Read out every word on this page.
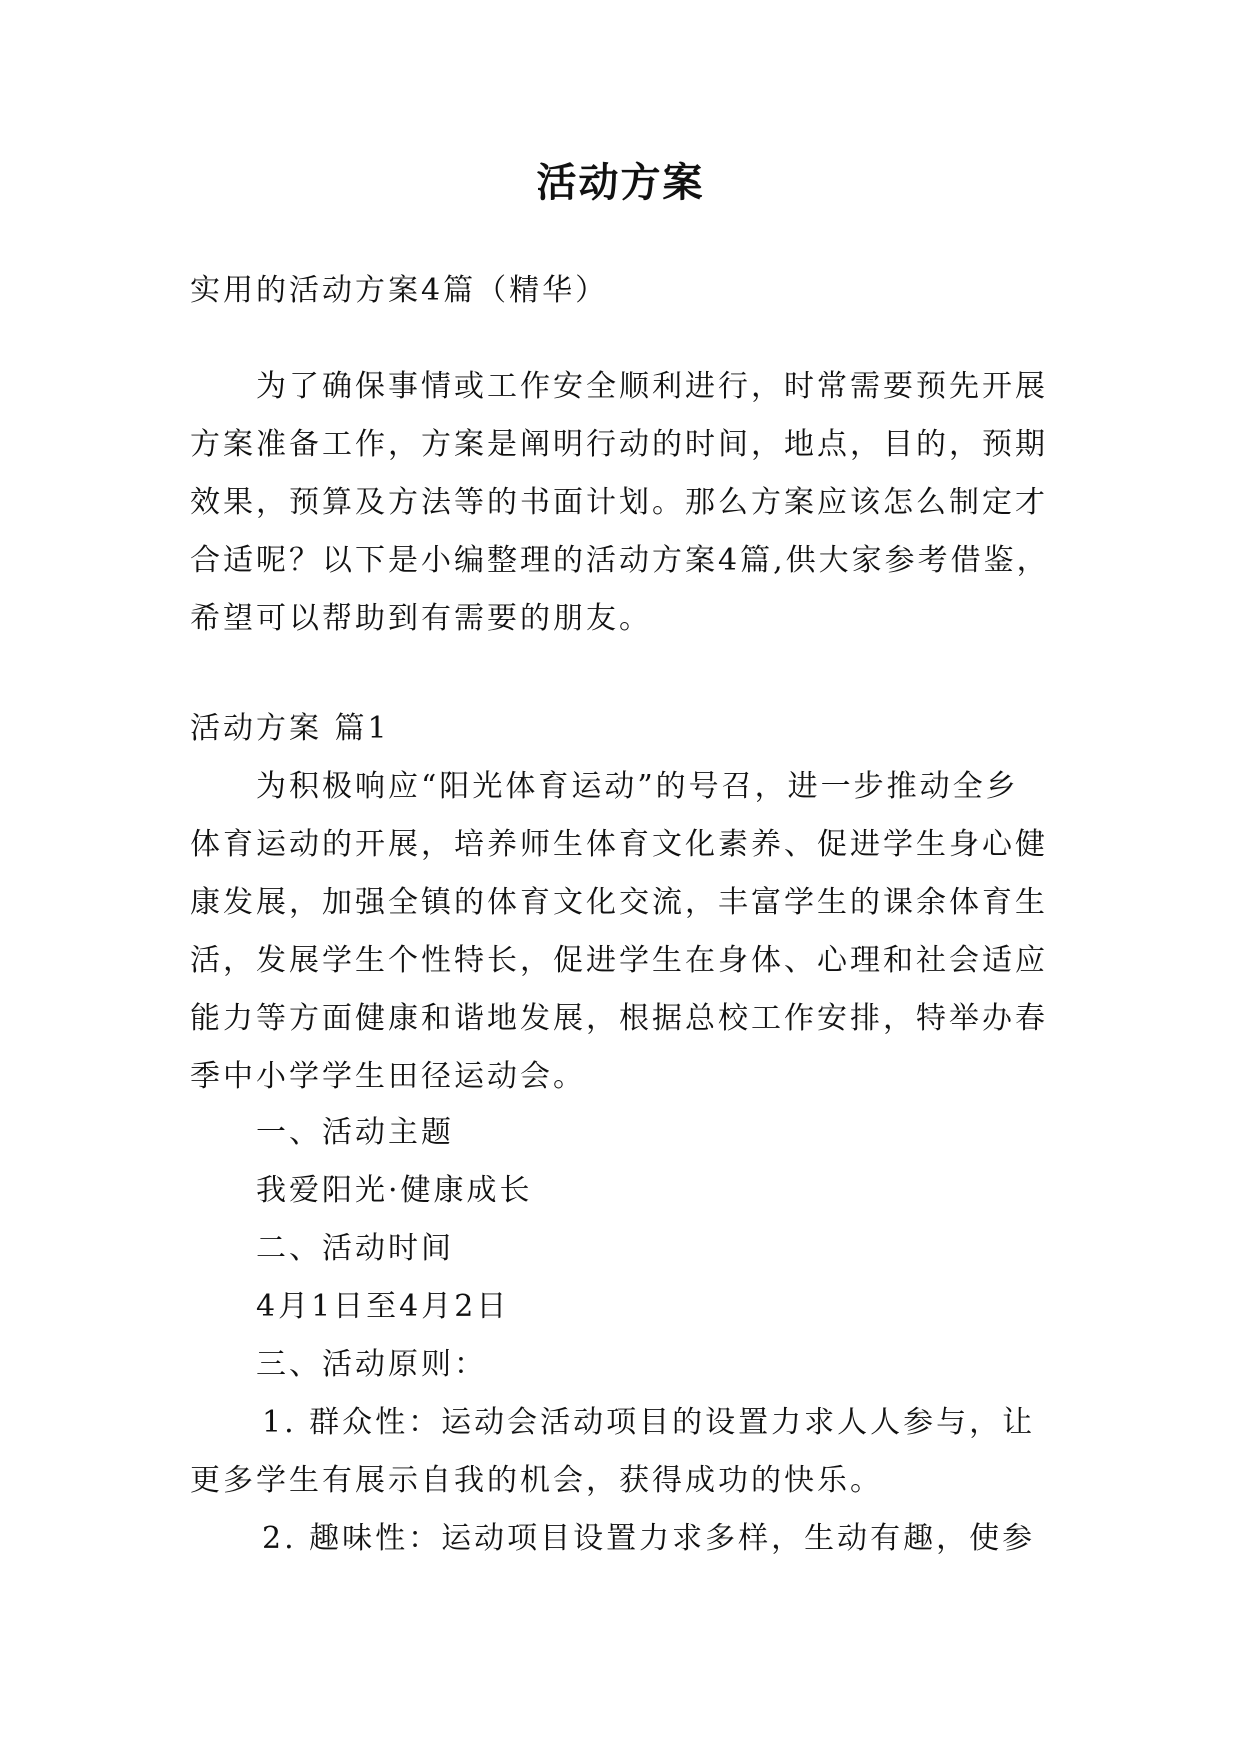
活动方案
实用的活动方案4篇（精华）
为了确保事情或工作安全顺利进行，时常需要预先开展
方案准备工作，方案是阐明行动的时间，地点，目的，预期
效果，预算及方法等的书面计划。那么方案应该怎么制定才
合适呢？以下是小编整理的活动方案4篇,供大家参考借鉴，
希望可以帮助到有需要的朋友。
活动方案 篇1
为积极响应“阳光体育运动”的号召，进一步推动全乡
体育运动的开展，培养师生体育文化素养、促进学生身心健
康发展，加强全镇的体育文化交流，丰富学生的课余体育生
活，发展学生个性特长，促进学生在身体、心理和社会适应
能力等方面健康和谐地发展，根据总校工作安排，特举办春
季中小学学生田径运动会。
一、活动主题
我爱阳光·健康成长
二、活动时间
4月1日至4月2日
三、活动原则：
1. 群众性：运动会活动项目的设置力求人人参与，让
更多学生有展示自我的机会，获得成功的快乐。
2. 趣味性：运动项目设置力求多样，生动有趣，使参
